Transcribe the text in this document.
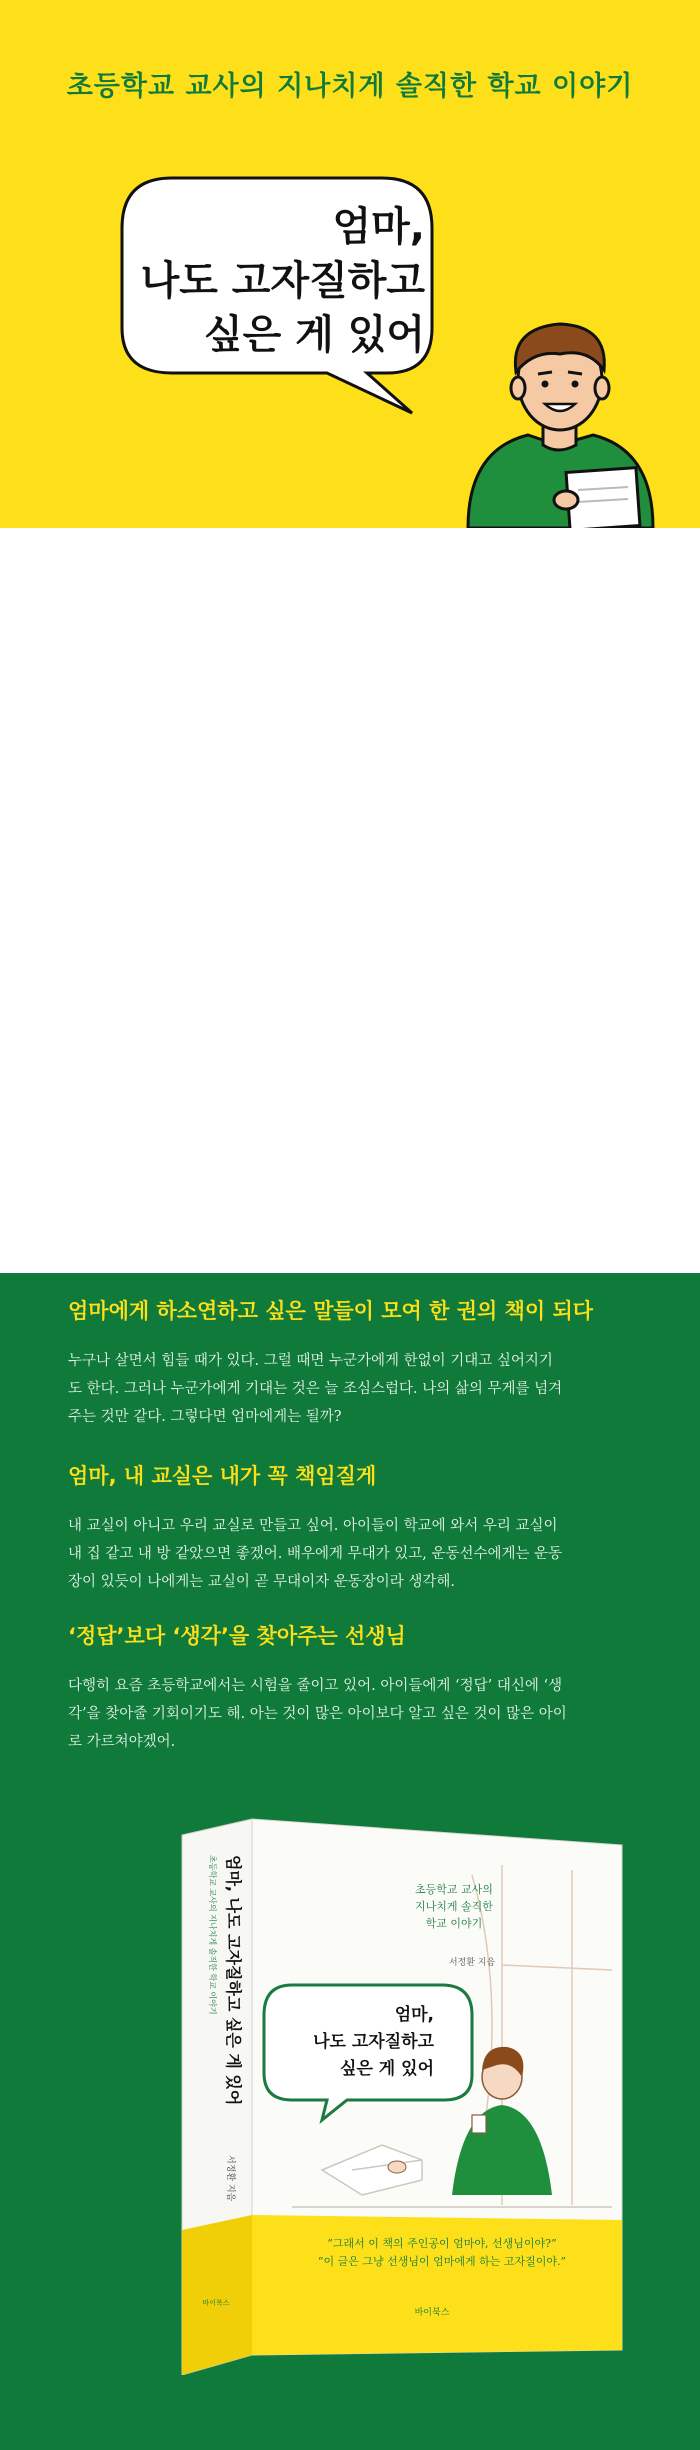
초등학교 교사의 지나치게 솔직한 학교 이야기
엄마,
나도 고자질하고
싶은 게 있어
엄마에게 하소연하고 싶은 말들이 모여 한 권의 책이 되다
누구나 살면서 힘들 때가 있다. 그럴 때면 누군가에게 한없이 기대고 싶어지기
도 한다. 그러나 누군가에게 기대는 것은 늘 조심스럽다. 나의 삶의 무게를 넘겨
주는 것만 같다. 그렇다면 엄마에게는 될까?
엄마, 내 교실은 내가 꼭 책임질게
내 교실이 아니고 우리 교실로 만들고 싶어. 아이들이 학교에 와서 우리 교실이
내 집 같고 내 방 같았으면 좋겠어. 배우에게 무대가 있고, 운동선수에게는 운동
장이 있듯이 나에게는 교실이 곧 무대이자 운동장이라 생각해.
‘정답’보다 ‘생각’을 찾아주는 선생님
다행히 요즘 초등학교에서는 시험을 줄이고 있어. 아이들에게 ‘정답’ 대신에 ‘생
각’을 찾아줄 기회이기도 해. 아는 것이 많은 아이보다 알고 싶은 것이 많은 아이
로 가르쳐야겠어.
초등학교 교사의
지나치게 솔직한
학교 이야기
서정환 지음
엄마,
나도 고자질하고
싶은 게 있어
“그래서 이 책의 주인공이 엄마야, 선생님이야?”
“이 글은 그냥 선생님이 엄마에게 하는 고자질이야.”
바이북스
초등학교 교사의 지나치게 솔직한 학교 이야기 엄마, 나도 고자질하고 싶은 게 있어
서정환 지음
바이북스
